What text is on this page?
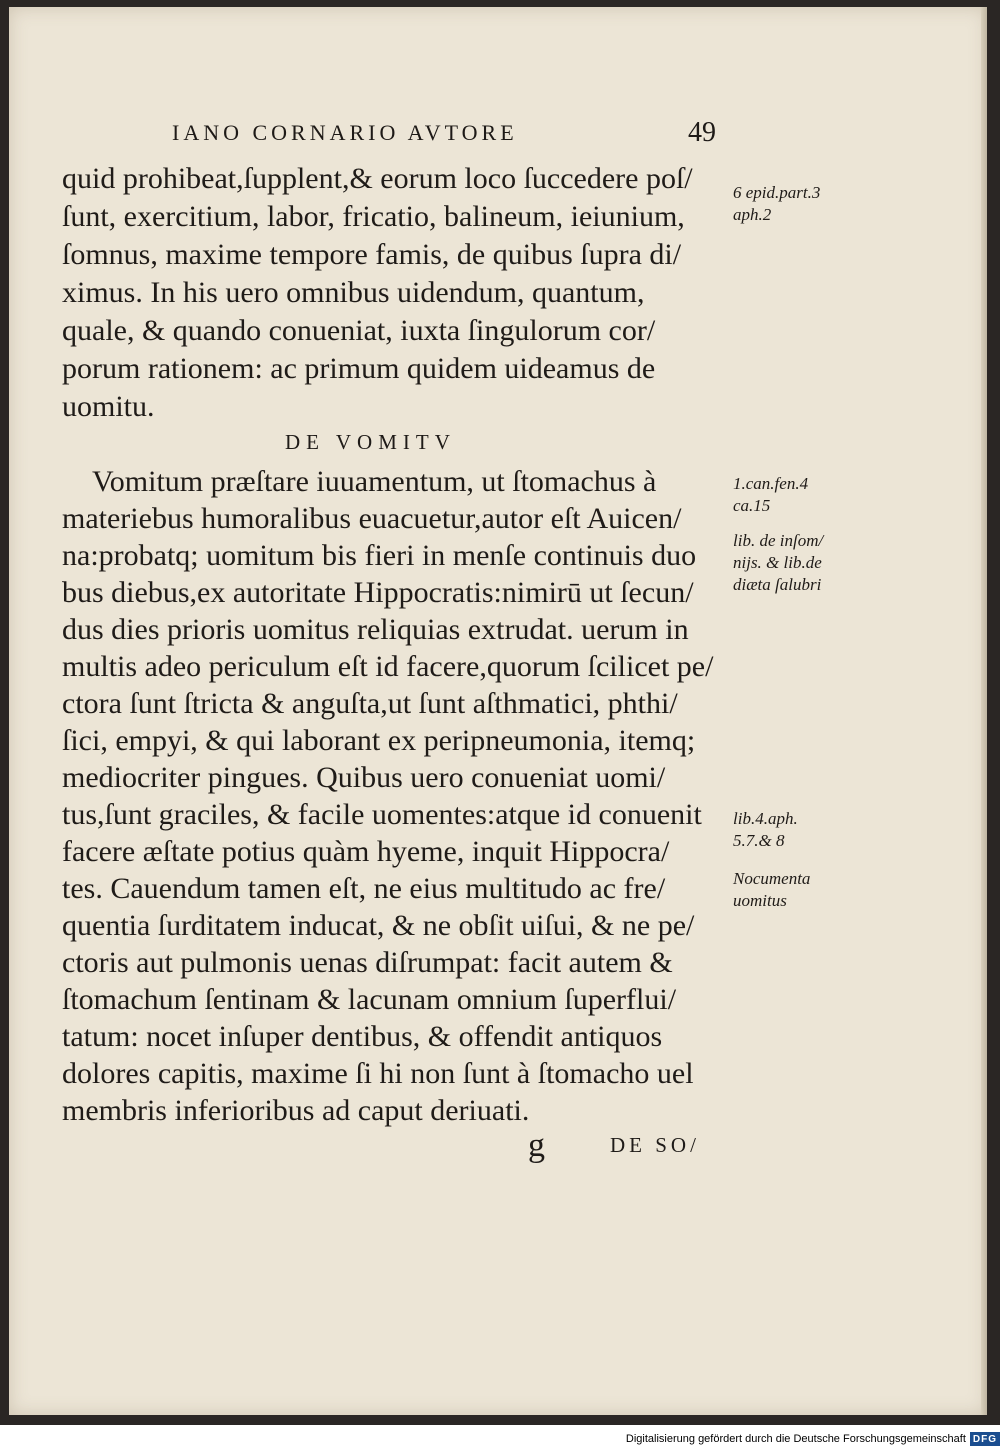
IANO CORNARIO AVTORE	49
quid prohibeat,ſupplent,& eorum loco ſuccedere poſ/
ſunt, exercitium, labor, fricatio, balineum, ieiunium,
ſomnus, maxime tempore famis, de quibus ſupra di/
ximus. In his uero omnibus uidendum, quantum,
quale, & quando conueniat, iuxta ſingulorum cor/
porum rationem: ac primum quidem uideamus de
uomitu.
DE VOMITV
Vomitum præſtare iuuamentum, ut ſtomachus à
materiebus humoralibus euacuetur,autor eſt Auicen/
na:probatq; uomitum bis fieri in menſe continuis duo
bus diebus,ex autoritate Hippocratis:nimirū ut ſecun/
dus dies prioris uomitus reliquias extrudat. uerum in
multis adeo periculum eſt id facere,quorum ſcilicet pe/
ctora ſunt ſtricta & anguſta,ut ſunt aſthmatici, phthi/
ſici, empyi, & qui laborant ex peripneumonia, itemq;
mediocriter pingues. Quibus uero conueniat uomi/
tus,ſunt graciles, & facile uomentes:atque id conuenit
facere æſtate potius quàm hyeme, inquit Hippocra/
tes. Cauendum tamen eſt, ne eius multitudo ac fre/
quentia ſurditatem inducat, & ne obſit uiſui, & ne pe/
ctoris aut pulmonis uenas diſrumpat: facit autem &
ſtomachum ſentinam & lacunam omnium ſuperflui/
tatum: nocet inſuper dentibus, & offendit antiquos
dolores capitis, maxime ſi hi non ſunt à ſtomacho uel
membris inferioribus ad caput deriuati.
6 epid.part.3
aph.2
1.can.fen.4
ca.15
lib. de inſom/
nijs. & lib.de
diæta ſalubri
lib.4.aph.
5.7.& 8
Nocumenta
uomitus
g	DE SO/
Digitalisierung gefördert durch die Deutsche Forschungsgemeinschaft DFG
